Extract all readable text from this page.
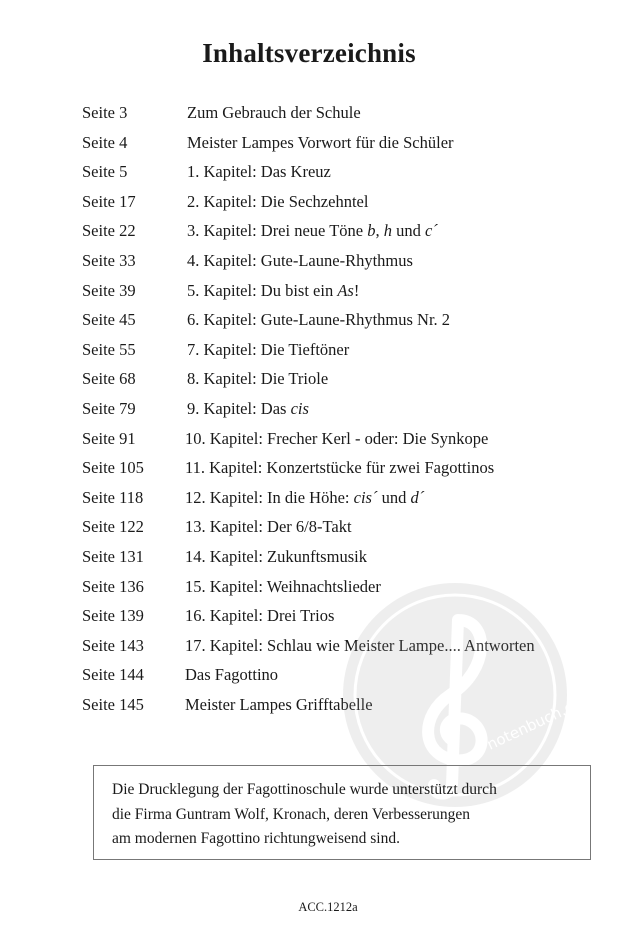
Inhaltsverzeichnis
Seite 3	Zum Gebrauch der Schule
Seite 4	Meister Lampes Vorwort für die Schüler
Seite 5	1. Kapitel: Das Kreuz
Seite 17	2. Kapitel: Die Sechzehntel
Seite 22	3. Kapitel: Drei neue Töne b, h und c´
Seite 33	4. Kapitel: Gute-Laune-Rhythmus
Seite 39	5. Kapitel: Du bist ein As!
Seite 45	6. Kapitel: Gute-Laune-Rhythmus Nr. 2
Seite 55	7. Kapitel: Die Tieftöner
Seite 68	8. Kapitel: Die Triole
Seite 79	9. Kapitel: Das cis
Seite 91	10. Kapitel: Frecher Kerl - oder: Die Synkope
Seite 105 11. Kapitel: Konzertstücke für zwei Fagottinos
Seite 118	12. Kapitel: In die Höhe: cis´ und d´
Seite 122 13. Kapitel: Der 6/8-Takt
Seite 131 14. Kapitel: Zukunftsmusik
Seite 136 15. Kapitel: Weihnachtslieder
Seite 139 16. Kapitel: Drei Trios
Seite 143 17. Kapitel: Schlau wie Meister Lampe.... Antworten
Seite 144 Das Fagottino
Seite 145 Meister Lampes Grifftabelle	notenbuch.de
Die Drucklegung der Fagottinoschule wurde unterstützt durch
die Firma Guntram Wolf, Kronach, deren Verbesserungen
am modernen Fagottino richtungweisend sind.
ACC.1212a
